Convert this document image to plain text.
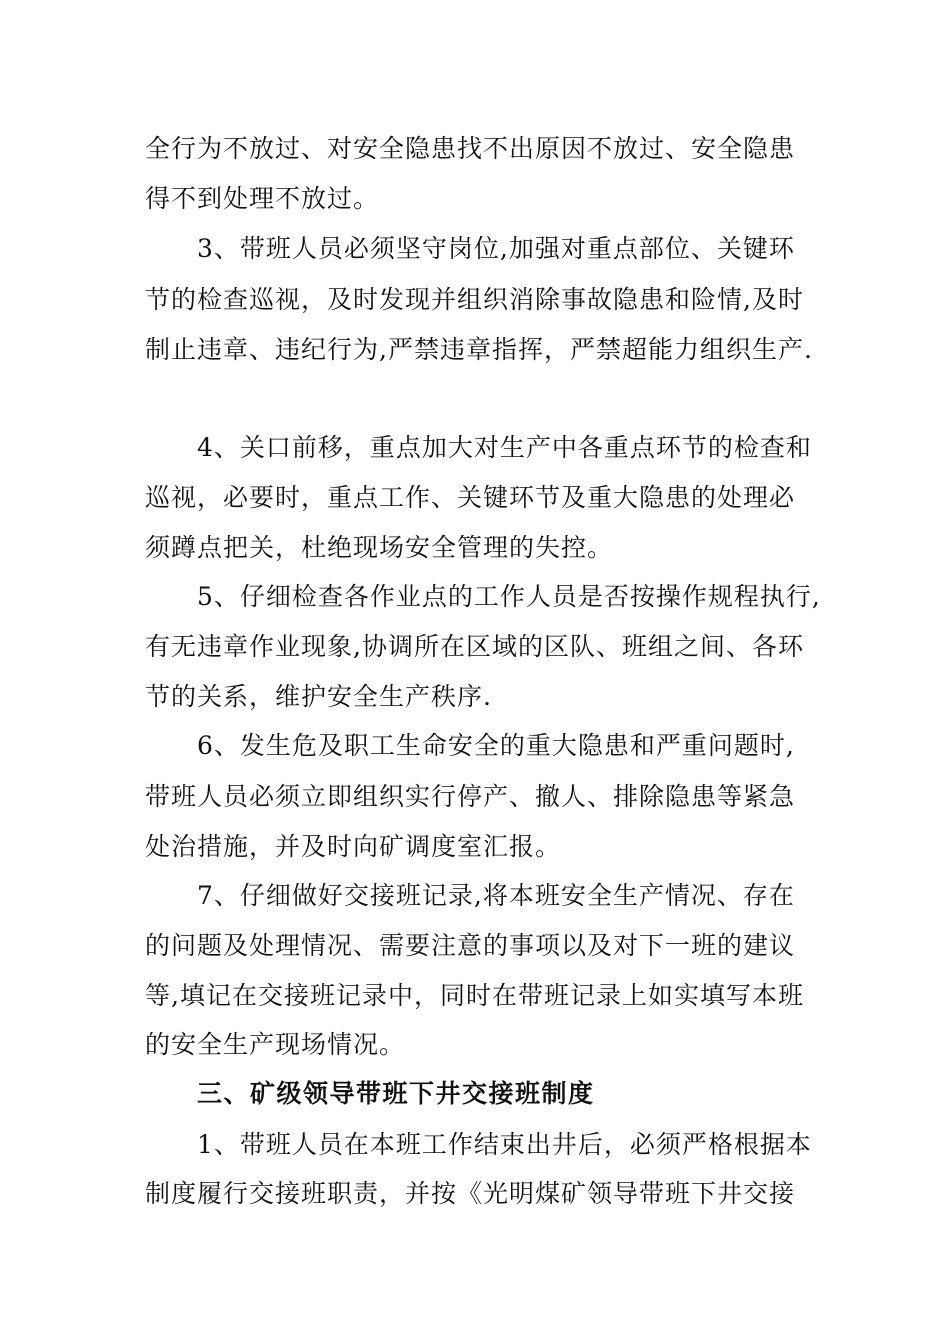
全行为不放过、对安全隐患找不出原因不放过、安全隐患
得不到处理不放过。
3、带班人员必须坚守岗位,加强对重点部位、关键环
节的检查巡视，及时发现并组织消除事故隐患和险情,及时
制止违章、违纪行为,严禁违章指挥，严禁超能力组织生产.
4、关口前移，重点加大对生产中各重点环节的检查和
巡视，必要时，重点工作、关键环节及重大隐患的处理必
须蹲点把关，杜绝现场安全管理的失控。
5、仔细检查各作业点的工作人员是否按操作规程执行,
有无违章作业现象,协调所在区域的区队、班组之间、各环
节的关系，维护安全生产秩序.
6、发生危及职工生命安全的重大隐患和严重问题时,
带班人员必须立即组织实行停产、撤人、排除隐患等紧急
处治措施，并及时向矿调度室汇报。
7、仔细做好交接班记录,将本班安全生产情况、存在
的问题及处理情况、需要注意的事项以及对下一班的建议
等,填记在交接班记录中，同时在带班记录上如实填写本班
的安全生产现场情况。
三、矿级领导带班下井交接班制度
1、带班人员在本班工作结束出井后，必须严格根据本
制度履行交接班职责，并按《光明煤矿领导带班下井交接
